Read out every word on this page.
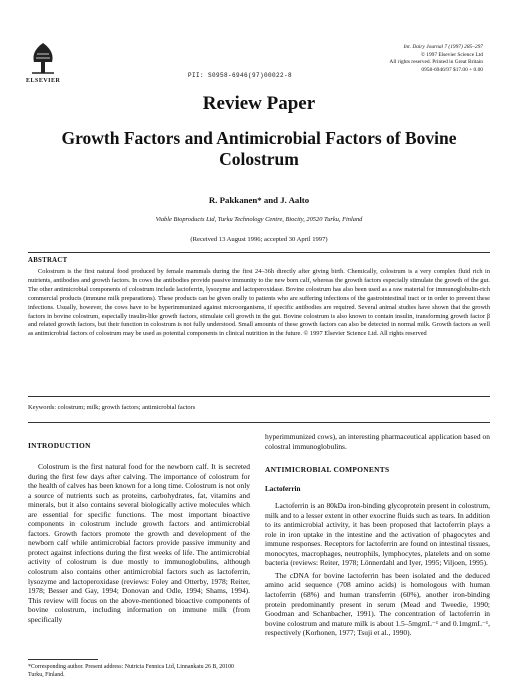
ELSEVIER
PII: S0958-6946(97)00022-8
Int. Dairy Journal 7 (1997) 285–297
© 1997 Elsevier Science Ltd
All rights reserved. Printed in Great Britain
0958-6946/97 $17.00 + 0.00
Review Paper
Growth Factors and Antimicrobial Factors of Bovine Colostrum
R. Pakkanen* and J. Aalto
Viable Bioproducts Ltd, Turku Technology Centre, Biocity, 20520 Turku, Finland
(Received 13 August 1996; accepted 30 April 1997)
ABSTRACT
Colostrum is the first natural food produced by female mammals during the first 24–36h directly after giving birth. Chemically, colostrum is a very complex fluid rich in nutrients, antibodies and growth factors. In cows the antibodies provide passive immunity to the new born calf, whereas the growth factors especially stimulate the growth of the gut. The other antimicrobial components of colostrum include lactoferrin, lysozyme and lactoperoxidase. Bovine colostrum has also been used as a raw material for immunoglobulin-rich commercial products (immune milk preparations). These products can be given orally to patients who are suffering infections of the gastrointestinal tract or in order to prevent these infections. Usually, however, the cows have to be hyperimmunized against microorganisms, if specific antibodies are required. Several animal studies have shown that the growth factors in bovine colostrum, especially insulin-like growth factors, stimulate cell growth in the gut. Bovine colostrum is also known to contain insulin, transforming growth factor β and related growth factors, but their function in colostrum is not fully understood. Small amounts of these growth factors can also be detected in normal milk. Growth factors as well as antimicrobial factors of colostrum may be used as potential components in clinical nutrition in the future. © 1997 Elsevier Science Ltd. All rights reserved
Keywords: colostrum; milk; growth factors; antimicrobial factors
INTRODUCTION
Colostrum is the first natural food for the newborn calf. It is secreted during the first few days after calving. The importance of colostrum for the health of calves has been known for a long time. Colostrum is not only a source of nutrients such as proteins, carbohydrates, fat, vitamins and minerals, but it also contains several biologically active molecules which are essential for specific functions. The most important bioactive components in colostrum include growth factors and antimicrobial factors. Growth factors promote the growth and development of the newborn calf while antimicrobial factors provide passive immunity and protect against infections during the first weeks of life. The antimicrobial activity of colostrum is due mostly to immunoglobulins, although colostrum also contains other antimicrobial factors such as lactoferrin, lysozyme and lactoperoxidase (reviews: Foley and Otterby, 1978; Reiter, 1978; Besser and Gay, 1994; Donovan and Odle, 1994; Shams, 1994). This review will focus on the above-mentioned bioactive components of bovine colostrum, including information on immune milk (from specifically
*Corresponding author. Present address: Nutricia Fennica Ltd, Linnankatu 26 B, 20100 Turku, Finland.
hyperimmunized cows), an interesting pharmaceutical application based on colostral immunoglobulins.
ANTIMICROBIAL COMPONENTS
Lactoferrin
Lactoferrin is an 80kDa iron-binding glycoprotein present in colostrum, milk and to a lesser extent in other exocrine fluids such as tears. In addition to its antimicrobial activity, it has been proposed that lactoferrin plays a role in iron uptake in the intestine and the activation of phagocytes and immune responses. Receptors for lactoferrin are found on intestinal tissues, monocytes, macrophages, neutrophils, lymphocytes, platelets and on some bacteria (reviews: Reiter, 1978; Lönnerdahl and Iyer, 1995; Viljoen, 1995).
The cDNA for bovine lactoferrin has been isolated and the deduced amino acid sequence (708 amino acids) is homologous with human lactoferrin (68%) and human transferrin (60%), another iron-binding protein predominantly present in serum (Mead and Tweedie, 1990; Goodman and Schanbacher, 1991). The concentration of lactoferrin in bovine colostrum and mature milk is about 1.5–5mgmL⁻¹ and 0.1mgmL⁻¹, respectively (Korhonen, 1977; Tsuji et al., 1990).
